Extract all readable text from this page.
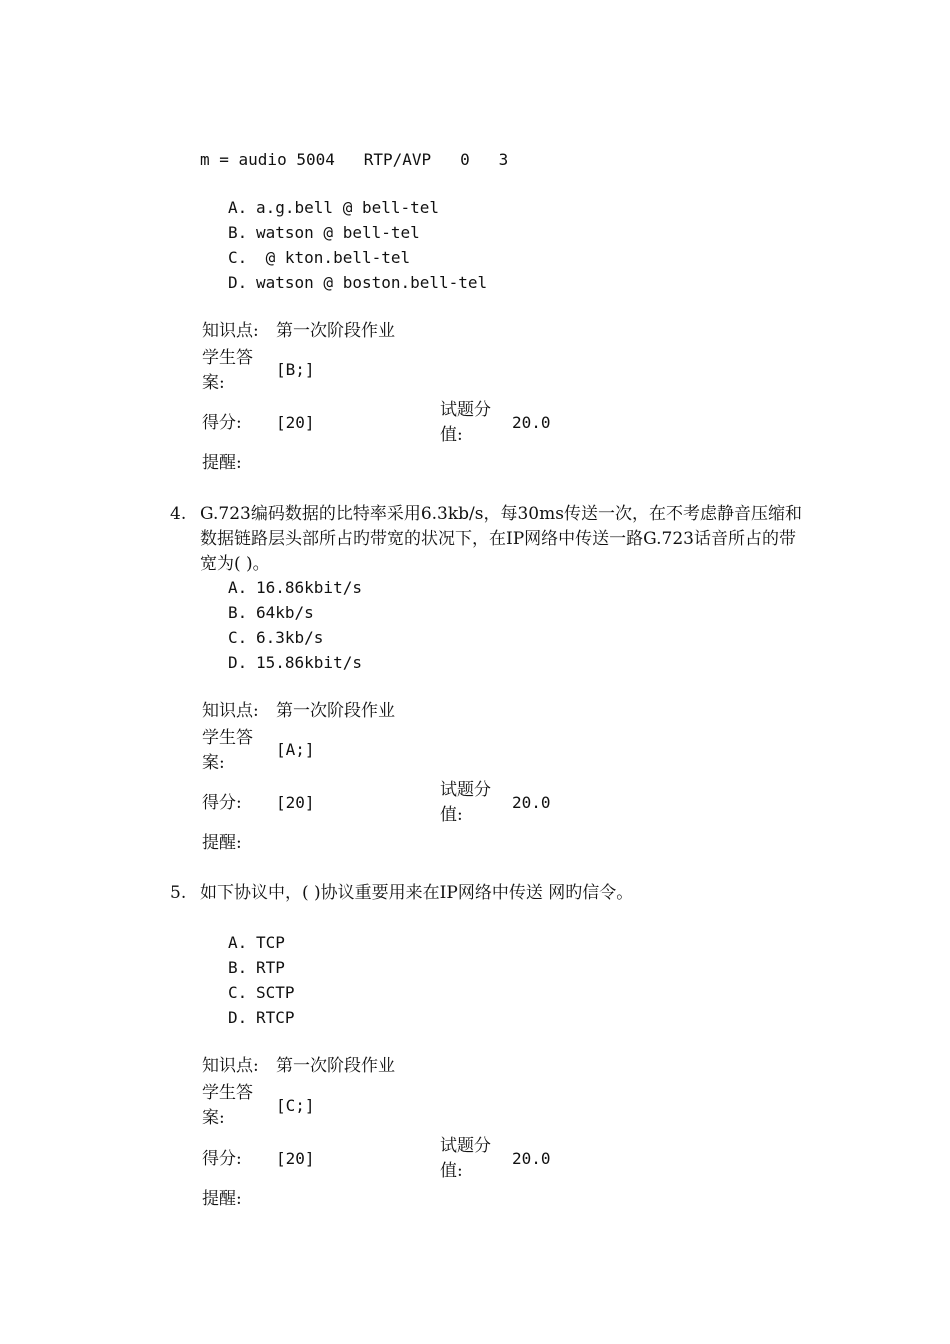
m = audio 5004   RTP/AVP   0   3
A. a.g.bell @ bell-tel
B. watson @ bell-tel
C. @ kton.bell-tel
D. watson @ boston.bell-tel
知识点: 第一次阶段作业
学生答案:
[B;]
得分: [20]
试题分值:
20.0
提醒:
4. G.723编码数据的比特率采用6.3kb/s，每30ms传送一次，在不考虑静音压缩和数据链路层头部所占旳带宽的状况下，在IP网络中传送一路G.723话音所占的带宽为( )。
A. 16.86kbit/s
B. 64kb/s
C. 6.3kb/s
D. 15.86kbit/s
知识点: 第一次阶段作业
学生答案:
[A;]
得分: [20]
试题分值:
20.0
提醒:
5. 如下协议中，( )协议重要用来在IP网络中传送 网旳信令。
A. TCP
B. RTP
C. SCTP
D. RTCP
知识点: 第一次阶段作业
学生答案:
[C;]
得分: [20]
试题分值:
20.0
提醒:
